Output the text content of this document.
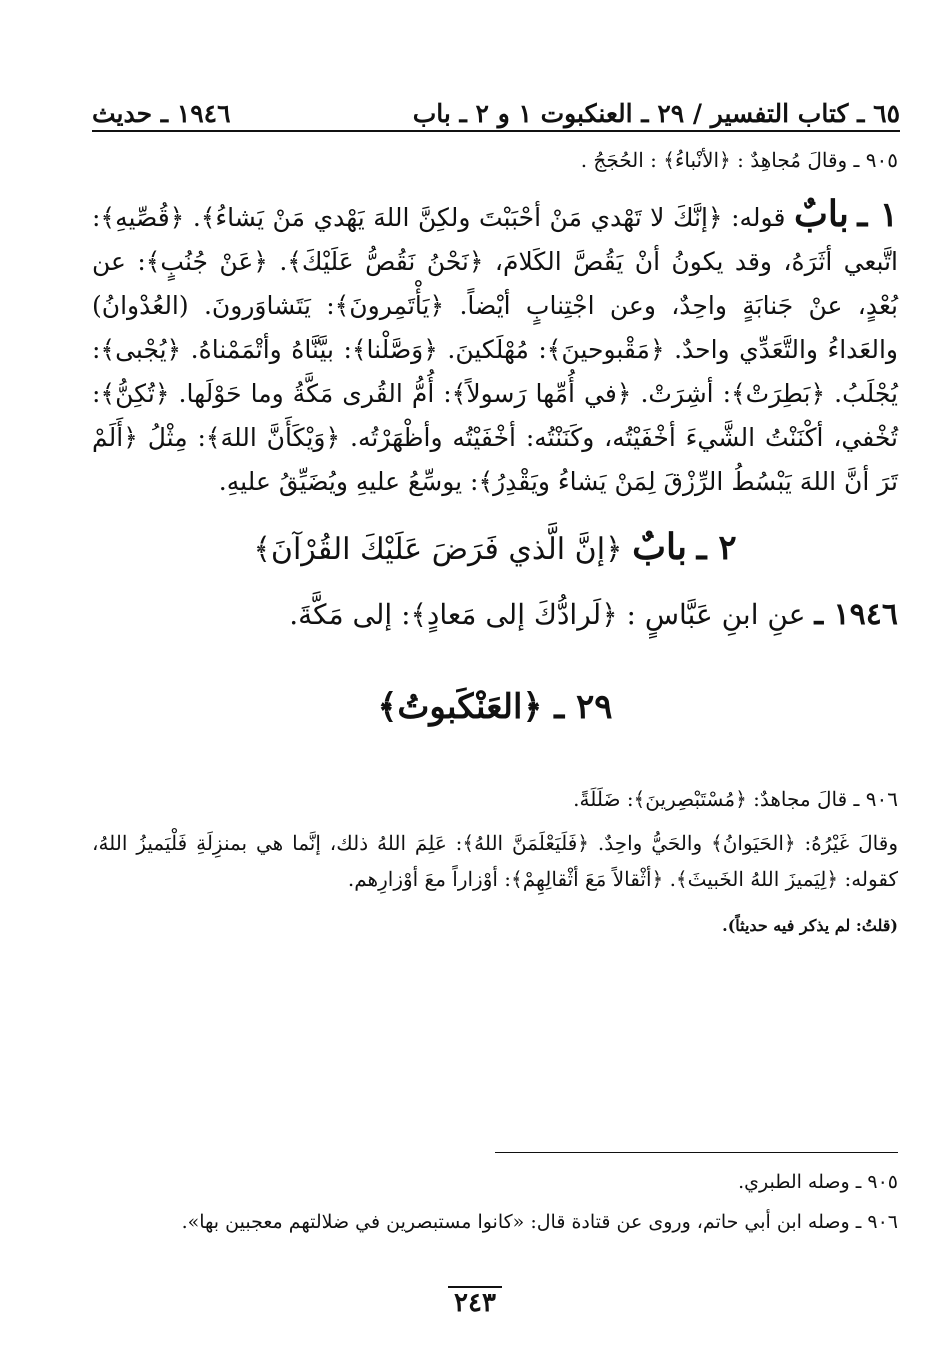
٦٥ ـ كتاب التفسير / ٢٩ ـ العنكبوت ١ و ٢ ـ باب
١٩٤٦ ـ حديث

٩٠٥ ـ وقالَ مُجاهِدٌ : ﴿الأنْباءُ﴾ : الحُجَجُ .

١ ـ بابٌ قوله: ﴿إنَّكَ لا تَهْدي مَنْ أحْبَبْتَ ولكِنَّ اللهَ يَهْدي مَنْ يَشاءُ﴾. ﴿قُصِّيهِ﴾: اتَّبعي أثَرَهُ، وقد يكونُ أنْ يَقُصَّ الكَلامَ، ﴿نَحْنُ نَقُصُّ عَلَيْكَ﴾. ﴿عَنْ جُنُبٍ﴾: عن بُعْدٍ، عنْ جَنابَةٍ واحِدٌ، وعن اجْتِنابٍ أيْضاً. ﴿يَأْتَمِرونَ﴾: يَتَشاوَرونَ. (العُدْوانُ) والعَداءُ والتَّعَدِّي واحدٌ. ﴿مَقْبوحينَ﴾: مُهْلَكينَ. ﴿وَصَّلْنا﴾: بيَّنَّاهُ وأتْمَمْناهُ. ﴿يُجْبى﴾: يُجْلَبُ. ﴿بَطِرَتْ﴾: أشِرَتْ. ﴿في أُمِّها رَسولاً﴾: أُمُّ القُرى مَكَّةُ وما حَوْلَها. ﴿تُكِنُّ﴾: تُخْفي، أكْنَنْتُ الشَّيءَ أخْفَيْتُه، وكَنَنْتُه: أخْفَيْتُه وأظْهَرْتُه. ﴿وَيْكَأَنَّ اللهَ﴾: مِثْلُ ﴿أَلَمْ تَرَ أنَّ اللهَ يَبْسُطُ الرِّزْقَ لِمَنْ يَشاءُ ويَقْدِرُ﴾: يوسِّعُ عليهِ ويُضَيِّقُ عليهِ.

٢ ـ بابٌ ﴿إنَّ الَّذي فَرَضَ عَلَيْكَ القُرْآنَ﴾

١٩٤٦ ـ عنِ ابنِ عَبَّاسٍ : ﴿لَرادُّكَ إلى مَعادٍ﴾: إلى مَكَّةَ.

٢٩ ـ ﴿العَنْكَبوتُ﴾

٩٠٦ ـ قالَ مجاهدٌ: ﴿مُسْتَبْصِرينَ﴾: ضَلَلَةً.

وقالَ غَيْرُهُ: ﴿الحَيَوانُ﴾ والحَيُّ واحِدٌ. ﴿فَلَيَعْلَمَنَّ اللهُ﴾: عَلِمَ اللهُ ذلك، إنَّما هي بمنزِلَةِ فَلْيَميزُ اللهُ، كقوله: ﴿لِيَميزَ اللهُ الخَبيثَ﴾. ﴿أثْقالاً مَعَ أثْقالِهِمْ﴾: أوْزاراً معَ أوْزارِهم.

(قلتُ: لم يذكر فيه حديثاً).

٩٠٥ ـ وصله الطبري.

٩٠٦ ـ وصله ابن أبي حاتم، وروى عن قتادة قال: «كانوا مستبصرين في ضلالتهم معجبين بها».

٢٤٣
